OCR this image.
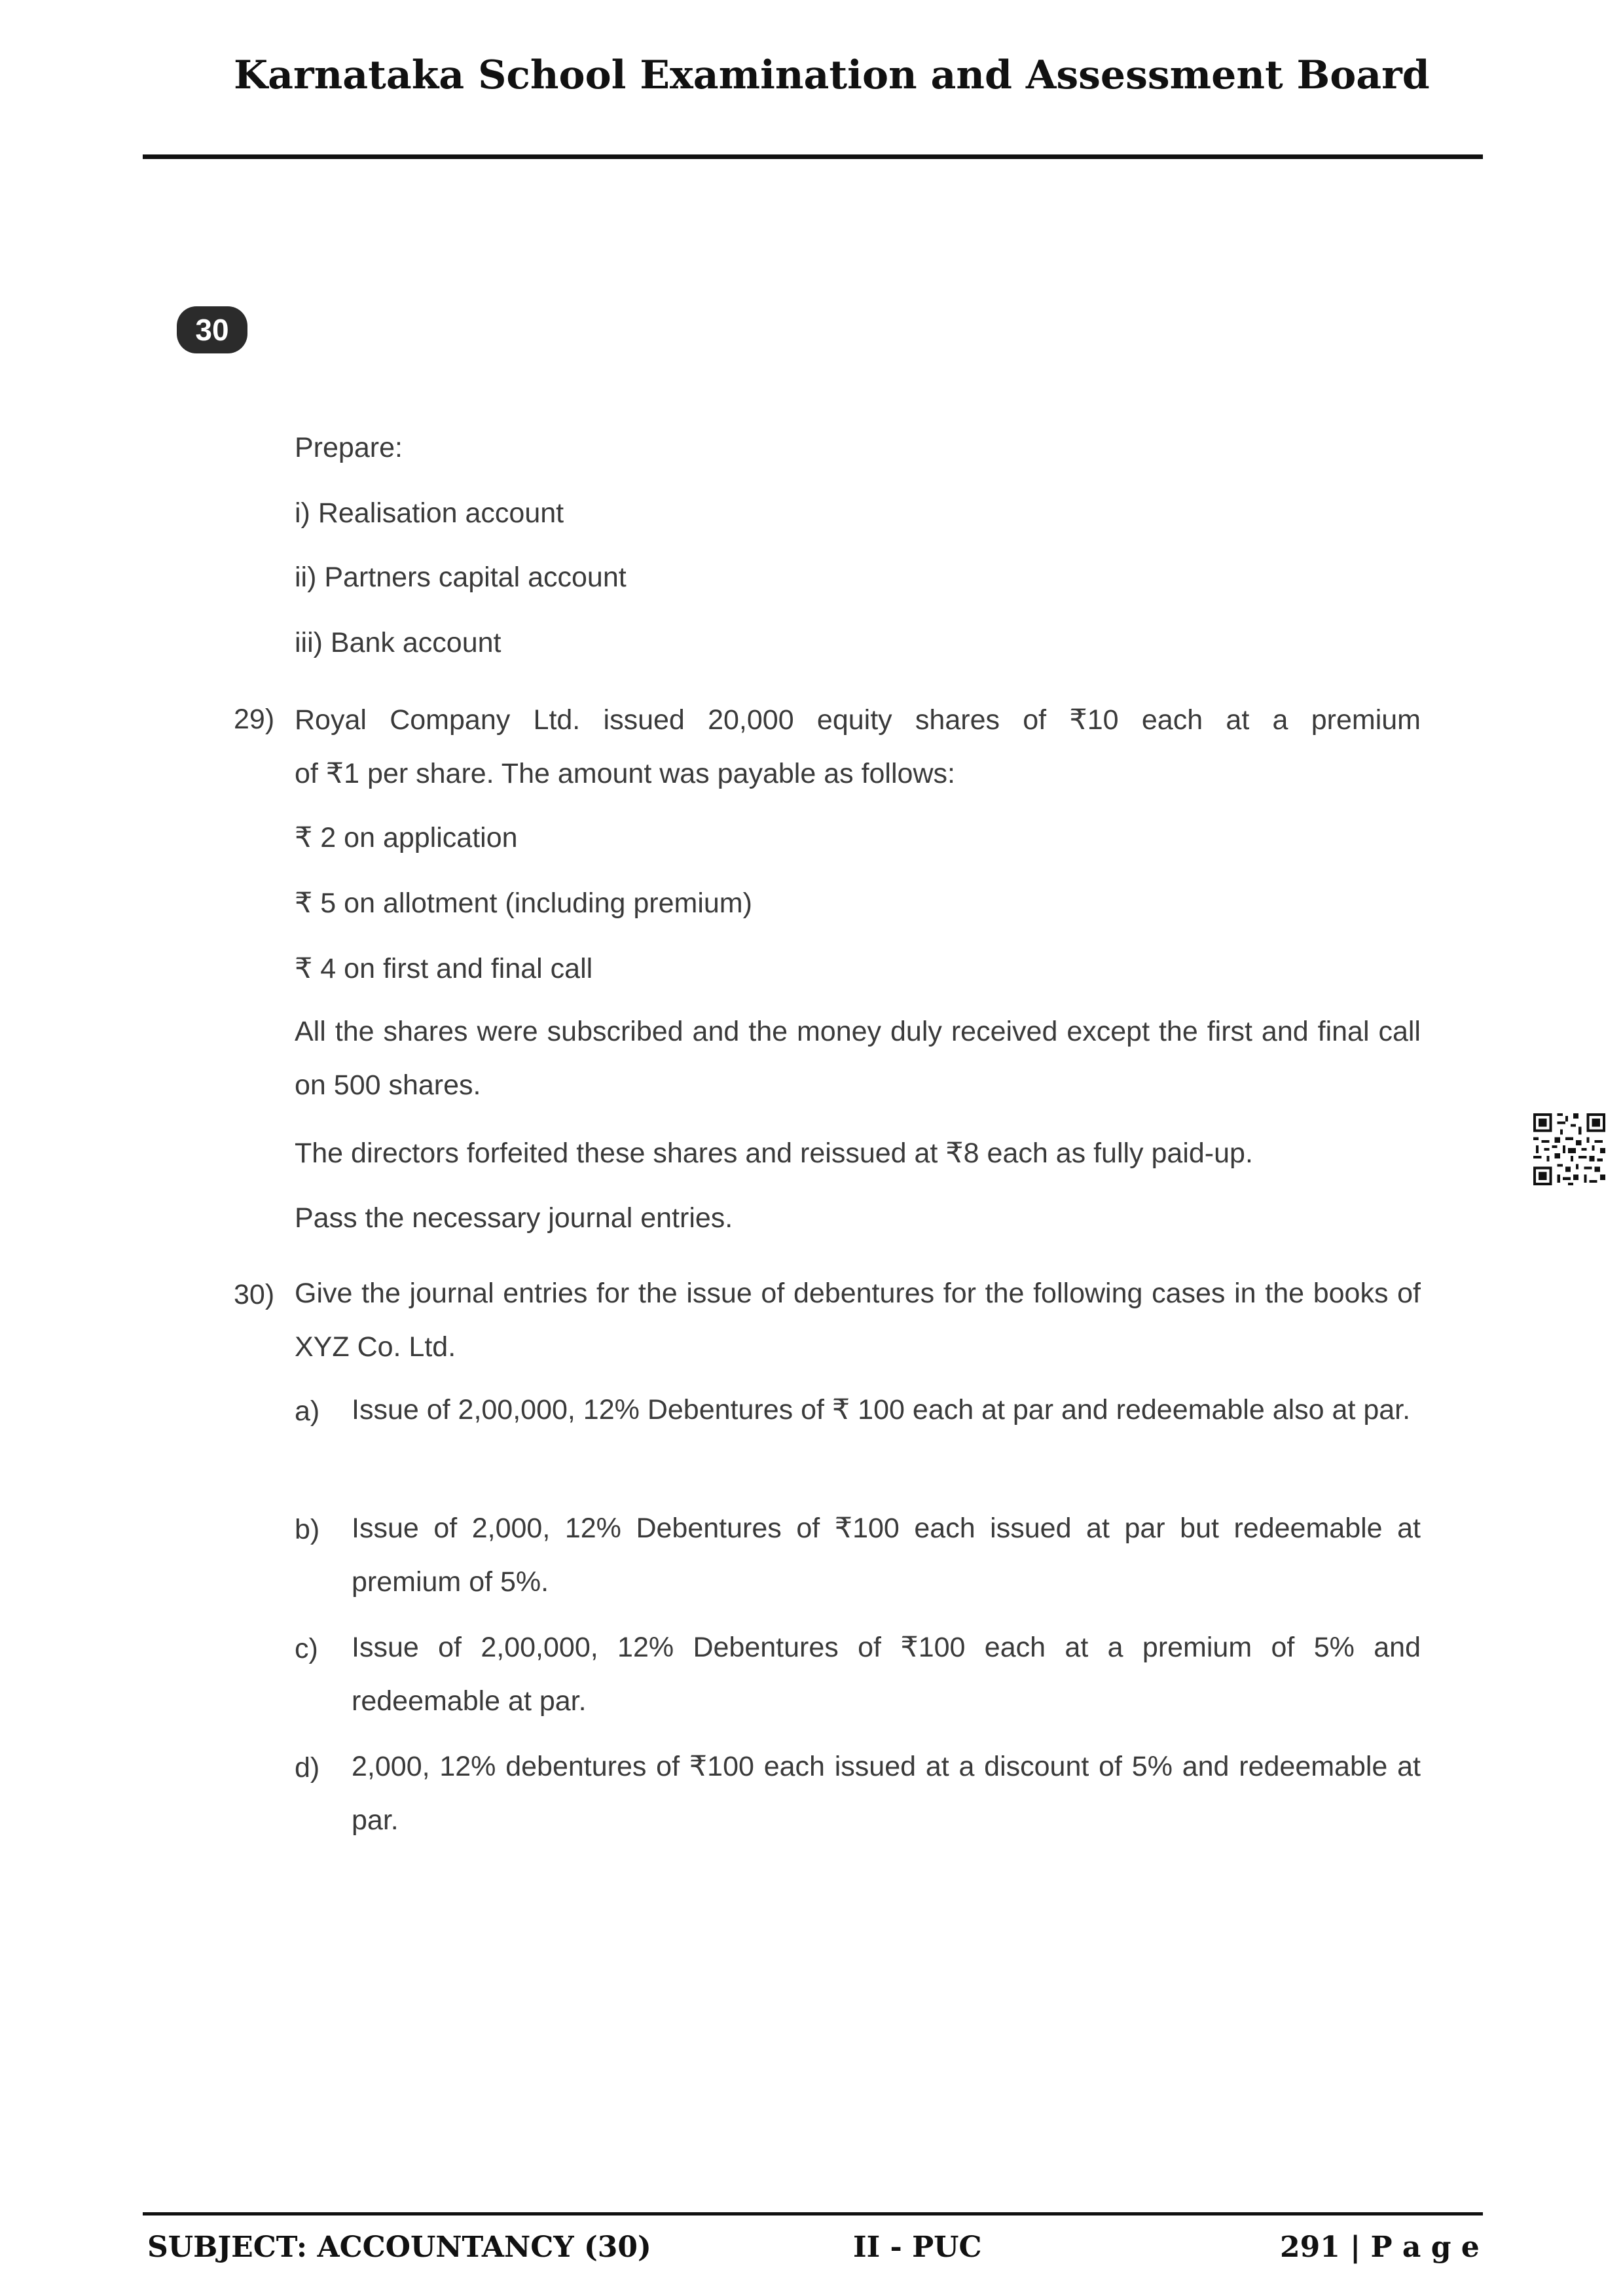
Karnataka School Examination and Assessment Board
30
Prepare:
i) Realisation account
ii) Partners capital account
iii) Bank account
29) Royal Company Ltd. issued 20,000 equity shares of ₹10 each at a premium
of ₹1 per share. The amount was payable as follows:
₹ 2 on application
₹ 5 on allotment (including premium)
₹ 4 on first and final call
All the shares were subscribed and the money duly received except the first and final call on 500 shares.
The directors forfeited these shares and reissued at ₹8 each as fully paid-up.
Pass the necessary journal entries.
30) Give the journal entries for the issue of debentures for the following cases in the books of XYZ Co. Ltd.
a) Issue of 2,00,000, 12% Debentures of ₹ 100 each at par and redeemable also at par.
b) Issue of 2,000, 12% Debentures of ₹100 each issued at par but redeemable at premium of 5%.
c) Issue of 2,00,000, 12% Debentures of ₹100 each at a premium of 5% and redeemable at par.
d) 2,000, 12% debentures of ₹100 each issued at a discount of 5% and redeemable at par.
SUBJECT: ACCOUNTANCY (30)	II - PUC	291 | P a g e
